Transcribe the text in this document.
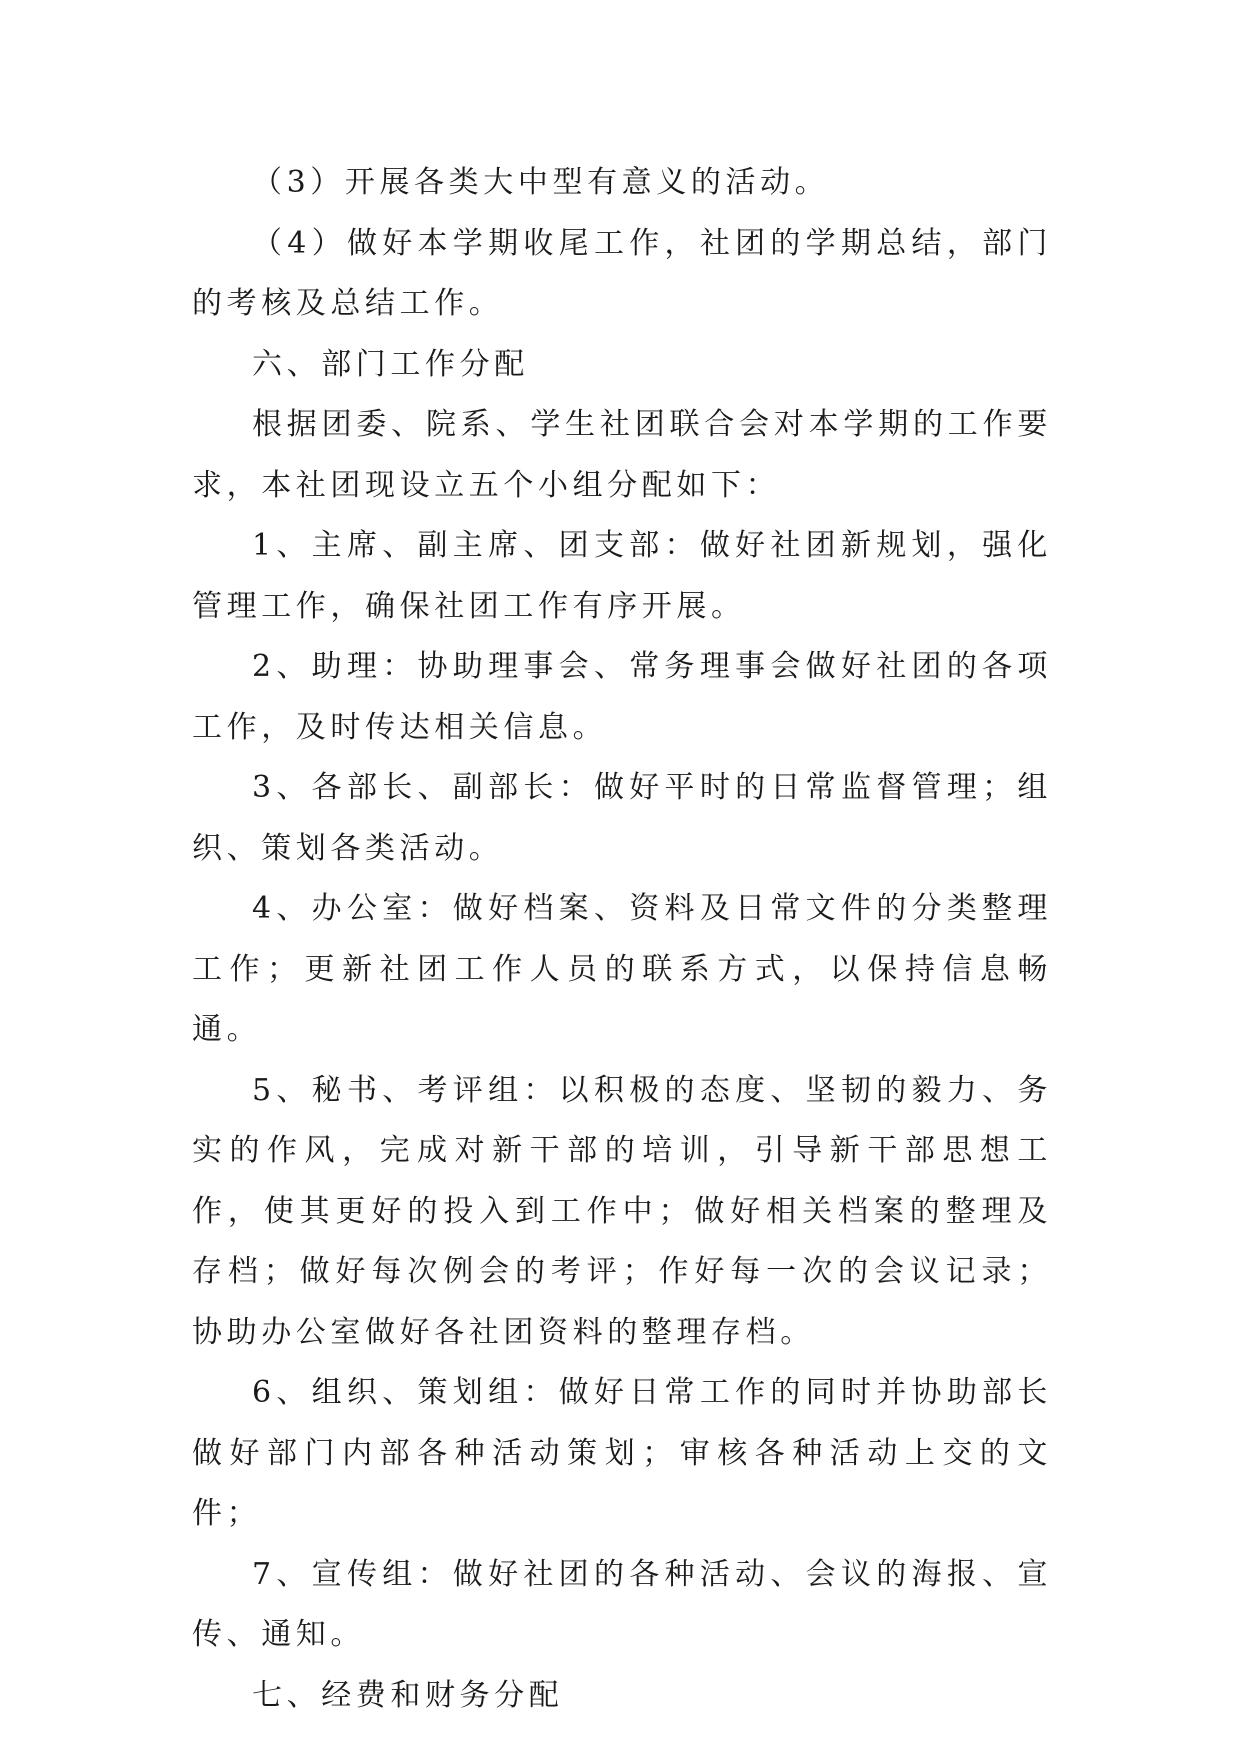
（3）开展各类大中型有意义的活动。

（4）做好本学期收尾工作，社团的学期总结，部门的考核及总结工作。

六、部门工作分配

根据团委、院系、学生社团联合会对本学期的工作要求，本社团现设立五个小组分配如下：

1、主席、副主席、团支部：做好社团新规划，强化管理工作，确保社团工作有序开展。

2、助理：协助理事会、常务理事会做好社团的各项工作，及时传达相关信息。

3、各部长、副部长：做好平时的日常监督管理；组织、策划各类活动。

4、办公室：做好档案、资料及日常文件的分类整理工作；更新社团工作人员的联系方式，以保持信息畅通。

5、秘书、考评组：以积极的态度、坚韧的毅力、务实的作风，完成对新干部的培训，引导新干部思想工作，使其更好的投入到工作中；做好相关档案的整理及存档；做好每次例会的考评；作好每一次的会议记录；协助办公室做好各社团资料的整理存档。

6、组织、策划组：做好日常工作的同时并协助部长做好部门内部各种活动策划；审核各种活动上交的文件；

7、宣传组：做好社团的各种活动、会议的海报、宣传、通知。

七、经费和财务分配
